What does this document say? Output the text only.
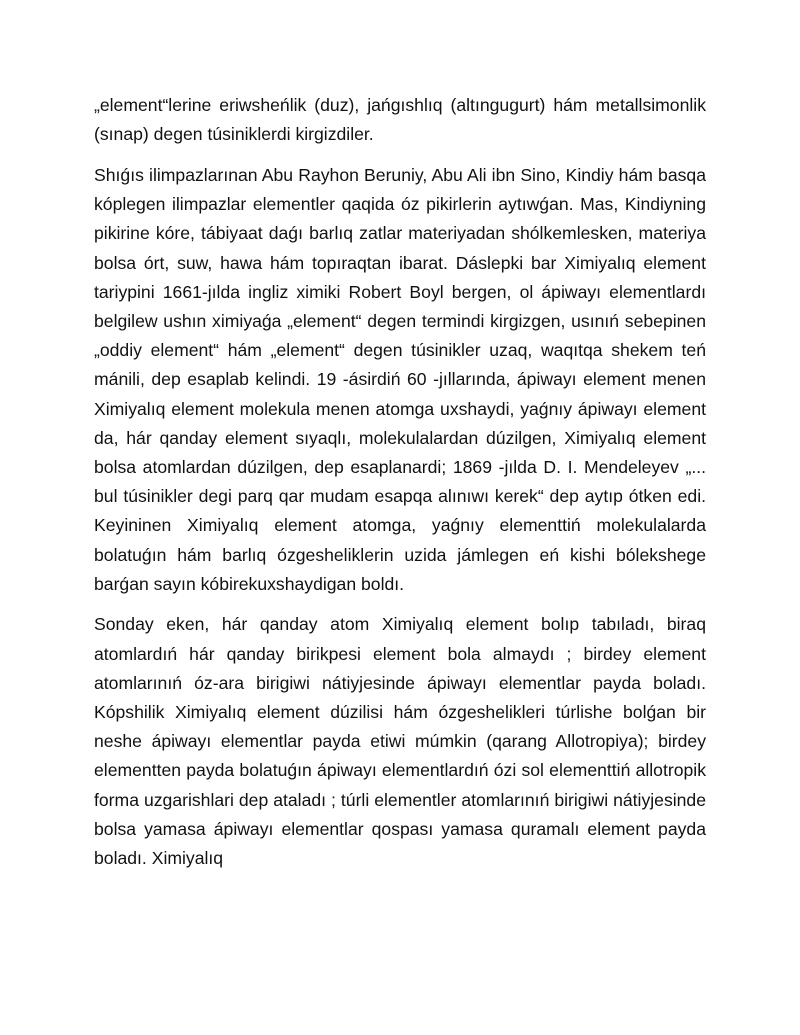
„element“lerine eriwsheńlik (duz), jańgıshlıq (altıngugurt) hám metallsimonlik (sınap) degen túsiniklerdi kirgizdiler.

Shıǵıs ilimpazlarınan Abu Rayhon Beruniy, Abu Ali ibn Sino, Kindiy hám basqa kóplegen ilimpazlar elementler qaqida óz pikirlerin aytıwǵan. Mas, Kindiyning pikirine kóre, tábiyaat daǵı barlıq zatlar materiyadan shólkemlesken, materiya bolsa órt, suw, hawa hám topıraqtan ibarat. Dáslepki bar Ximiyalıq element tariypini 1661-jılda ingliz ximiki Robert Boyl bergen, ol ápiwayı elementlardı belgilew ushın ximiyaǵa „element“ degen termindi kirgizgen, usınıń sebepinen „oddiy element“ hám „element“ degen túsinikler uzaq, waqıtqa shekem teń mánili, dep esaplab kelindi. 19 -ásirdiń 60 -jıllarında, ápiwayı element menen Ximiyalıq element molekula menen atomga uxshaydi, yaǵnıy ápiwayı element da, hár qanday element sıyaqlı, molekulalardan dúzilgen, Ximiyalıq element bolsa atomlardan dúzilgen, dep esaplanardi; 1869 -jılda D. I. Mendeleyev „... bul túsinikler degi parq qar mudam esapqa alınıwı kerek“ dep aytıp ótken edi. Keyininen Ximiyalıq element atomga, yaǵnıy elementtiń molekulalarda bolatuǵın hám barlıq ózgesheliklerin uzida jámlegen eń kishi bólekshege barǵan sayın kóbirekuxshaydigan boldı.

Sonday eken, hár qanday atom Ximiyalıq element bolıp tabıladı, biraq atomlardıń hár qanday birikpesi element bola almaydı ; birdey element atomlarınıń óz-ara birigiwi nátiyjesinde ápiwayı elementlar payda boladı. Kópshilik Ximiyalıq element dúzilisi hám ózgeshelikleri túrlishe bolǵan bir neshe ápiwayı elementlar payda etiwi múmkin (qarang Allotropiya); birdey elementten payda bolatuǵın ápiwayı elementlardıń ózi sol elementtiń allotropik forma uzgarishlari dep ataladı ; túrli elementler atomlarınıń birigiwi nátiyjesinde bolsa yamasa ápiwayı elementlar qospası yamasa quramalı element payda boladı. Ximiyalıq
